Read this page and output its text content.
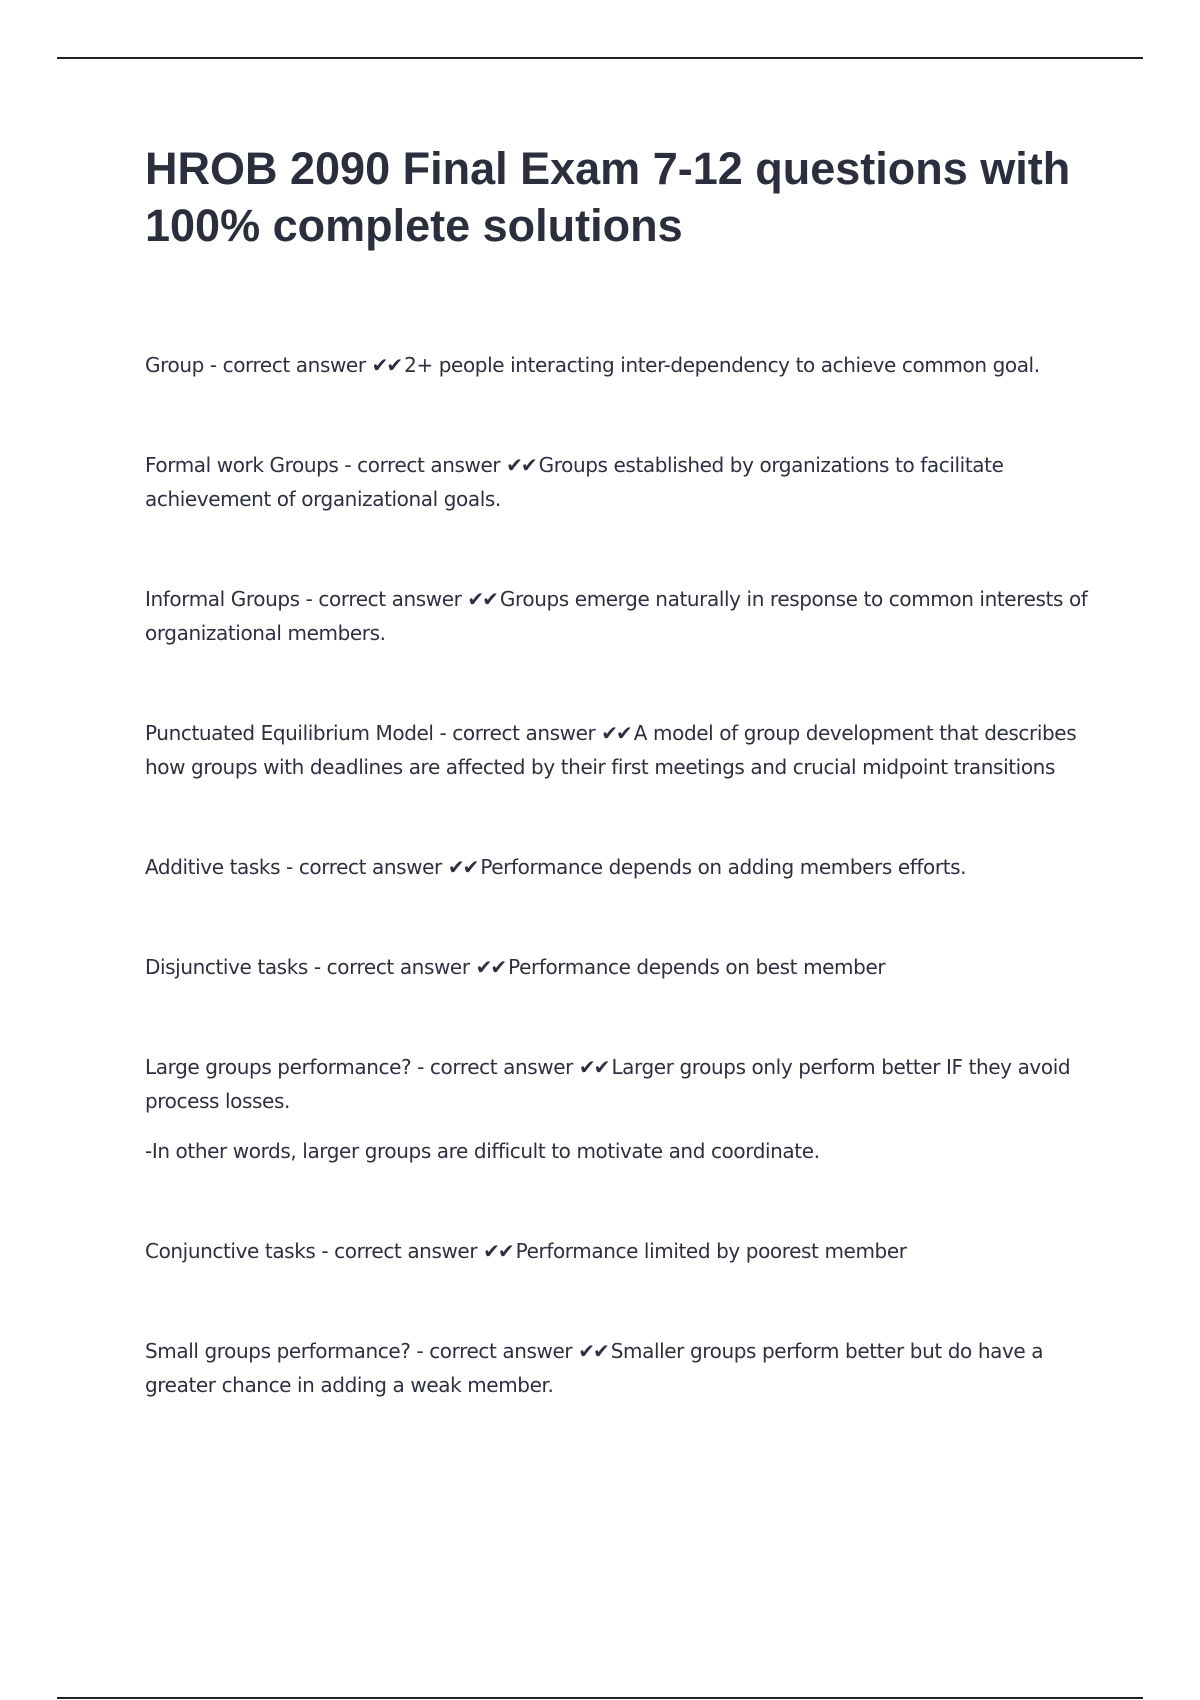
HROB 2090 Final Exam 7-12 questions with 100% complete solutions

Group - correct answer ✔✔ 2+ people interacting inter-dependency to achieve common goal.

Formal work Groups - correct answer ✔✔ Groups established by organizations to facilitate achievement of organizational goals.

Informal Groups - correct answer ✔✔ Groups emerge naturally in response to common interests of organizational members.

Punctuated Equilibrium Model - correct answer ✔✔ A model of group development that describes how groups with deadlines are affected by their first meetings and crucial midpoint transitions

Additive tasks - correct answer ✔✔ Performance depends on adding members efforts.

Disjunctive tasks - correct answer ✔✔ Performance depends on best member

Large groups performance? - correct answer ✔✔ Larger groups only perform better IF they avoid process losses.

-In other words, larger groups are difficult to motivate and coordinate.

Conjunctive tasks - correct answer ✔✔ Performance limited by poorest member

Small groups performance? - correct answer ✔✔ Smaller groups perform better but do have a greater chance in adding a weak member.
